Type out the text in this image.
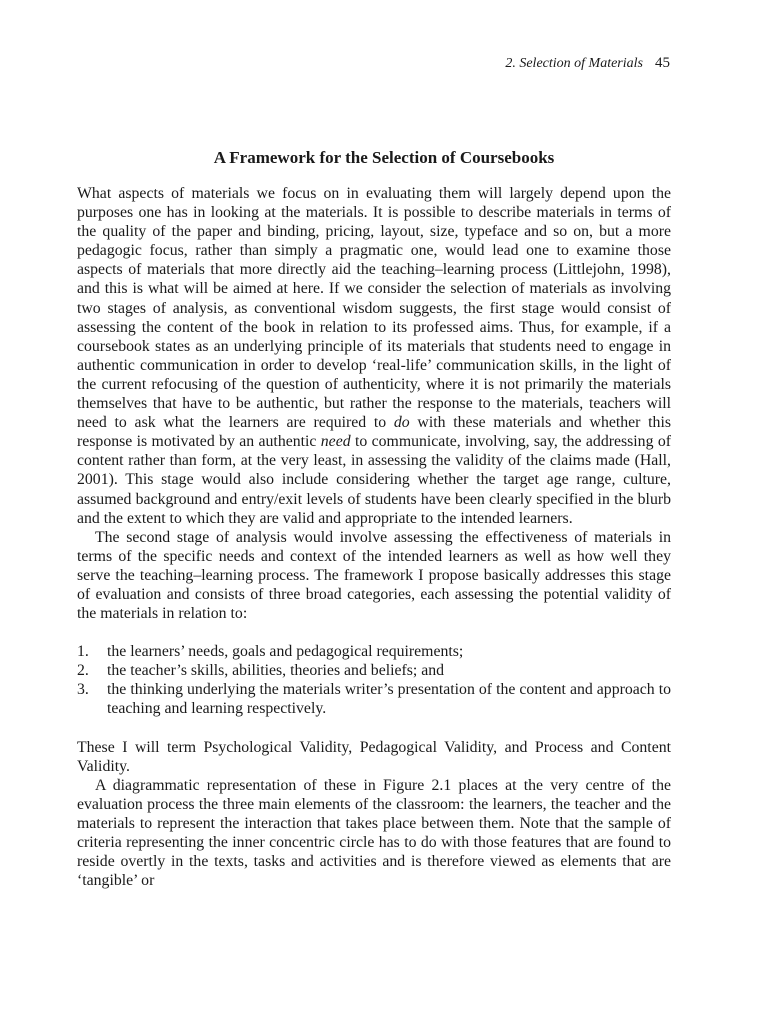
2. Selection of Materials 45
A Framework for the Selection of Coursebooks

What aspects of materials we focus on in evaluating them will largely depend upon the purposes one has in looking at the materials. It is possible to describe materials in terms of the quality of the paper and binding, pricing, layout, size, typeface and so on, but a more pedagogic focus, rather than simply a pragmatic one, would lead one to examine those aspects of materials that more directly aid the teaching–learning process (Littlejohn, 1998), and this is what will be aimed at here. If we consider the selection of materials as involving two stages of analysis, as conventional wisdom suggests, the first stage would consist of assessing the content of the book in relation to its professed aims. Thus, for example, if a coursebook states as an underlying principle of its materials that students need to engage in authentic communication in order to develop ‘real-life’ communication skills, in the light of the current refocusing of the question of authenticity, where it is not primarily the materials themselves that have to be authentic, but rather the response to the materials, teachers will need to ask what the learners are required to do with these materials and whether this response is motivated by an authentic need to communicate, involving, say, the addressing of content rather than form, at the very least, in assessing the validity of the claims made (Hall, 2001). This stage would also include considering whether the target age range, culture, assumed background and entry/exit levels of students have been clearly specified in the blurb and the extent to which they are valid and appropriate to the intended learners.

The second stage of analysis would involve assessing the effectiveness of materials in terms of the specific needs and context of the intended learners as well as how well they serve the teaching–learning process. The framework I propose basically addresses this stage of evaluation and consists of three broad categories, each assessing the potential validity of the materials in relation to:

1. the learners’ needs, goals and pedagogical requirements;
2. the teacher’s skills, abilities, theories and beliefs; and
3. the thinking underlying the materials writer’s presentation of the content and approach to teaching and learning respectively.

These I will term Psychological Validity, Pedagogical Validity, and Process and Content Validity.

A diagrammatic representation of these in Figure 2.1 places at the very centre of the evaluation process the three main elements of the classroom: the learners, the teacher and the materials to represent the interaction that takes place between them. Note that the sample of criteria representing the inner concentric circle has to do with those features that are found to reside overtly in the texts, tasks and activities and is therefore viewed as elements that are ‘tangible’ or
